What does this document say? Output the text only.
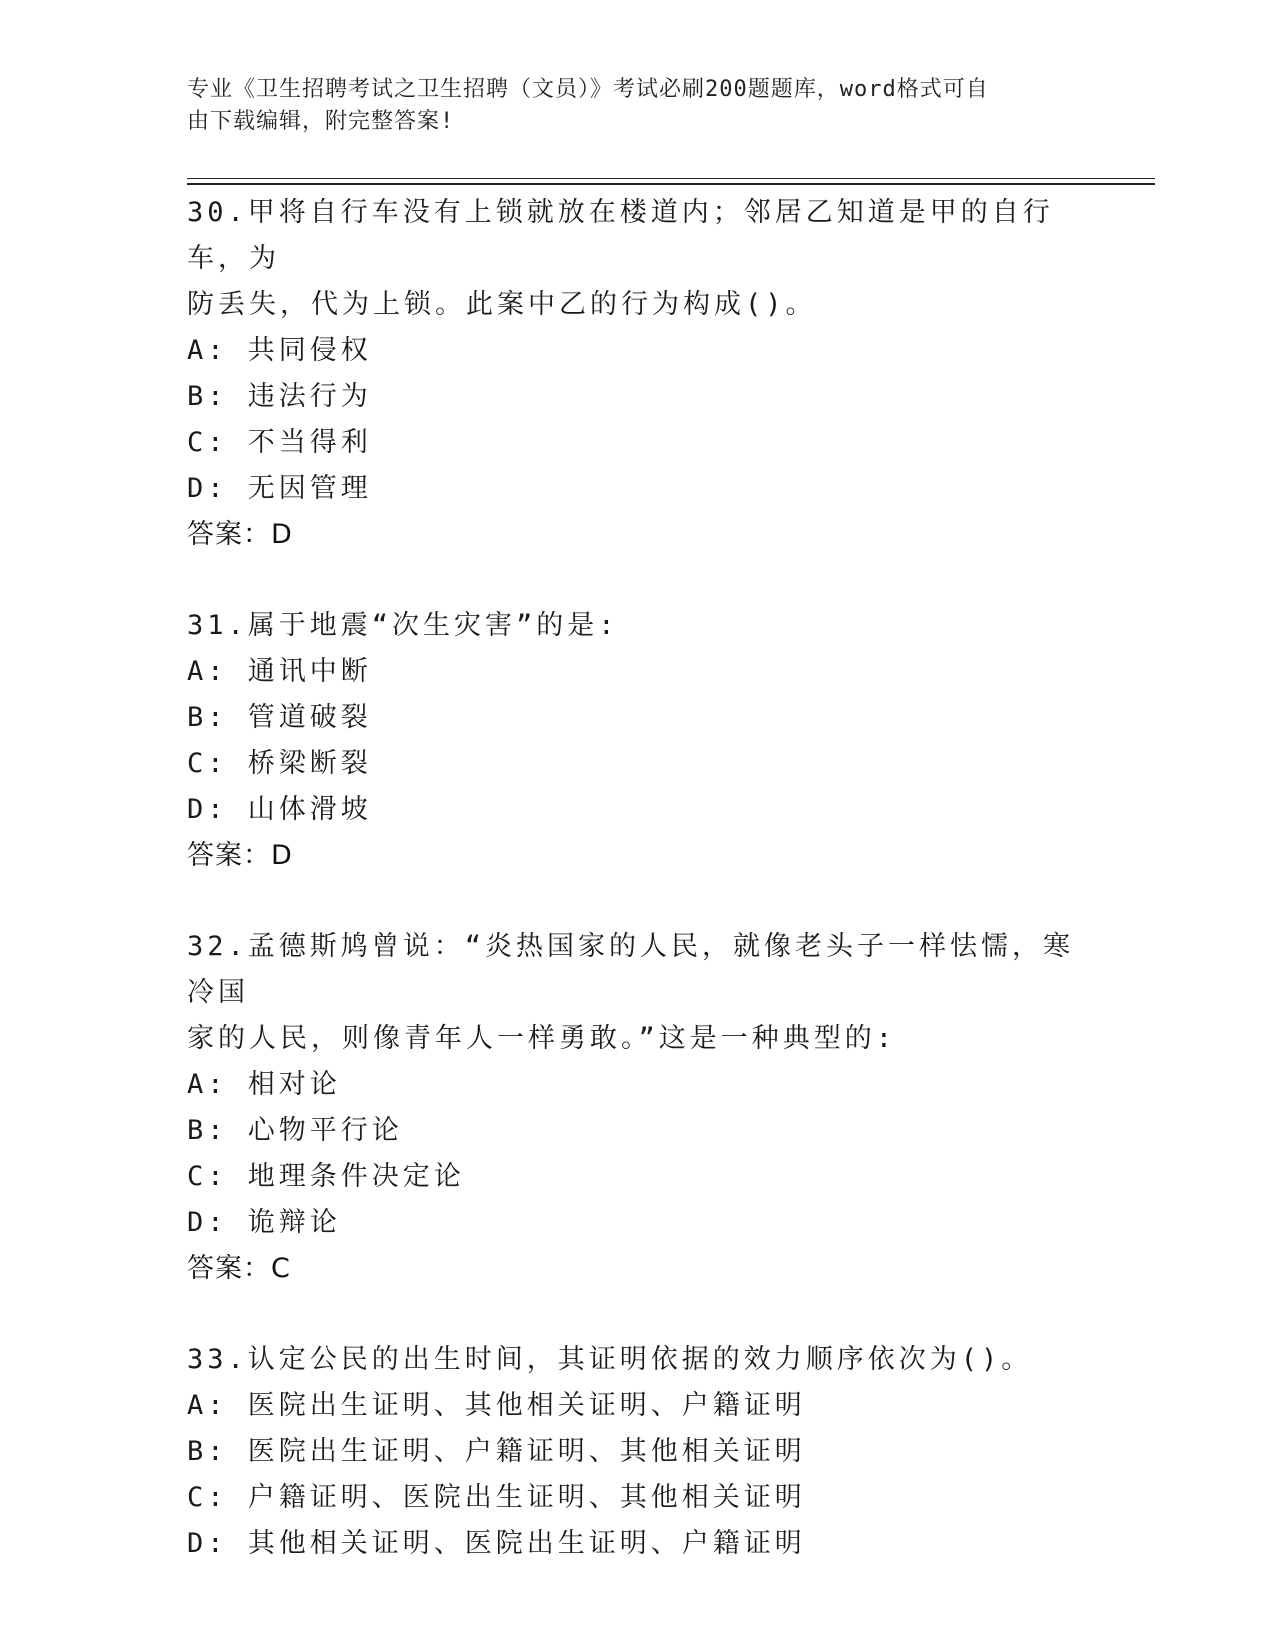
专业《卫生招聘考试之卫生招聘（文员）》考试必刷200题题库，word格式可自
由下载编辑，附完整答案!
30.甲将自行车没有上锁就放在楼道内；邻居乙知道是甲的自行车，为
防丢失，代为上锁。此案中乙的行为构成()。
A: 共同侵权
B: 违法行为
C: 不当得利
D: 无因管理
答案：D
31.属于地震“次生灾害”的是:
A: 通讯中断
B: 管道破裂
C: 桥梁断裂
D: 山体滑坡
答案：D
32.孟德斯鸠曾说：“炎热国家的人民，就像老头子一样怯懦，寒冷国
家的人民，则像青年人一样勇敢。”这是一种典型的:
A: 相对论
B: 心物平行论
C: 地理条件决定论
D: 诡辩论
答案：C
33.认定公民的出生时间，其证明依据的效力顺序依次为()。
A: 医院出生证明、其他相关证明、户籍证明
B: 医院出生证明、户籍证明、其他相关证明
C: 户籍证明、医院出生证明、其他相关证明
D: 其他相关证明、医院出生证明、户籍证明
